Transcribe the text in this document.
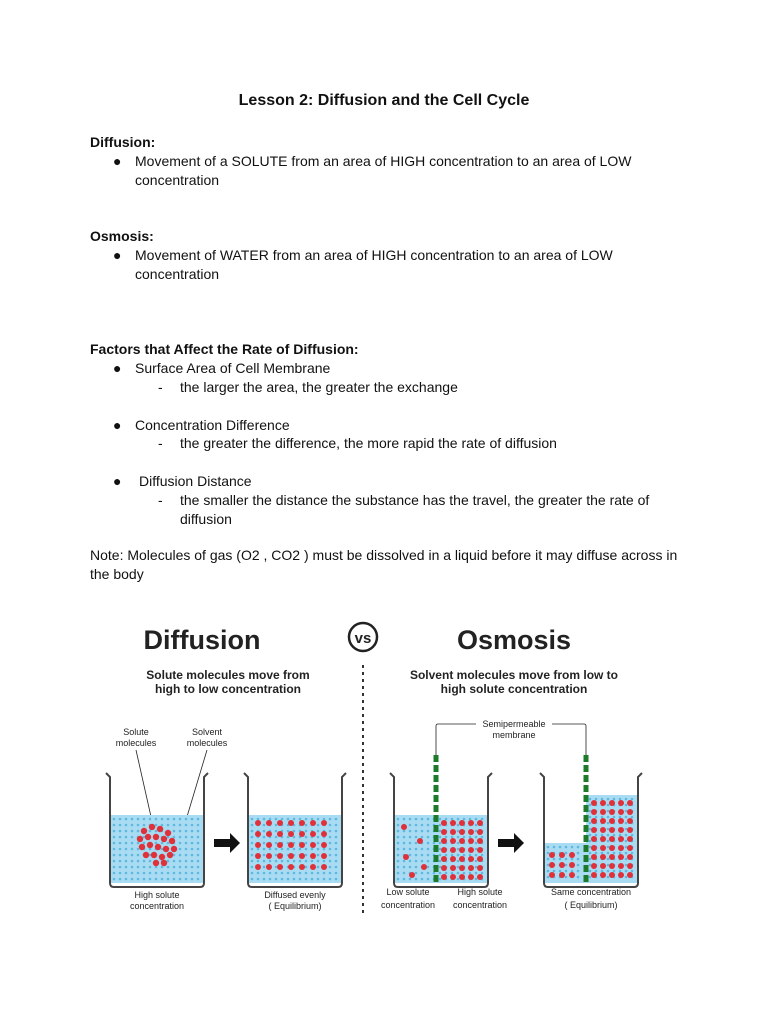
Lesson 2: Diffusion and the Cell Cycle
Diffusion:
● Movement of a SOLUTE from an area of HIGH concentration to an area of LOW
concentration
Osmosis:
● Movement of WATER from an area of HIGH concentration to an area of LOW
concentration
Factors that Affect the Rate of Diffusion:
● Surface Area of Cell Membrane
- the larger the area, the greater the exchange
● Concentration Difference
- the greater the difference, the more rapid the rate of diffusion
● Diffusion Distance
- the smaller the distance the substance has the travel, the greater the rate of
diffusion
Note: Molecules of gas (O2 , CO2 ) must be dissolved in a liquid before it may diffuse across in the body
Diffusion	vs	Osmosis
Solute molecules move from
high to low concentration
Solvent molecules move from low to
high solute concentration
Solute
molecules
Solvent
molecules
High solute
concentration
Diffused evenly
( Equilibrium)
Semipermeable
membrane
Low solute
concentration
High solute
concentration
Same concentration
( Equilibrium)
